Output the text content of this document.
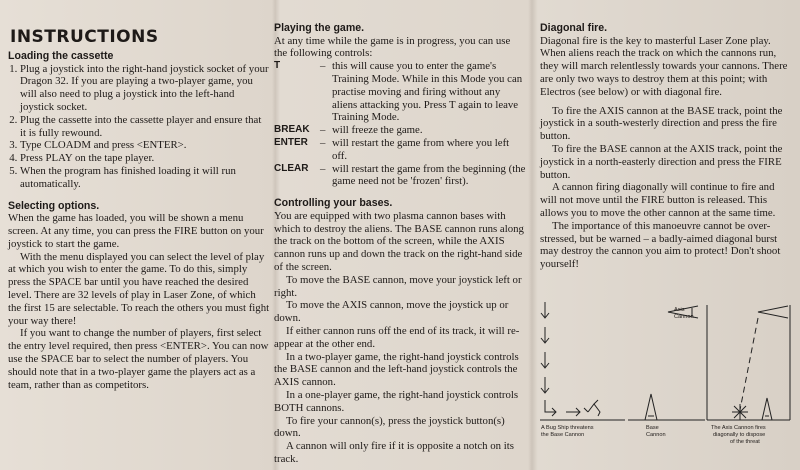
INSTRUCTIONS
Loading the cassette
1. Plug a joystick into the right-hand joystick socket of your Dragon 32. If you are playing a two-player game, you will also need to plug a joystick into the left-hand joystick socket.
2. Plug the cassette into the cassette player and ensure that it is fully rewound.
3. Type CLOADM and press <ENTER>.
4. Press PLAY on the tape player.
5. When the program has finished loading it will run automatically.
Selecting options.

When the game has loaded, you will be shown a menu screen. At any time, you can press the FIRE button on your joystick to start the game.

With the menu displayed you can select the level of play at which you wish to enter the game. To do this, simply press the SPACE bar until you have reached the desired level. There are 32 levels of play in Laser Zone, of which the first 15 are selectable. To reach the others you must fight your way there!

If you want to change the number of players, first select the entry level required, then press <ENTER>. You can now use the SPACE bar to select the number of players. You should note that in a two-player game the players act as a team, rather than as competitors.

Playing the game.

At any time while the game is in progress, you can use the following controls:

T	– this will cause you to enter the game's Training Mode. While in this Mode you can practise moving and firing without any aliens attacking you. Press T again to leave Training Mode.
BREAK – will freeze the game.
ENTER	– will restart the game from where you left off.
CLEAR	– will restart the game from the beginning (the game need not be 'frozen' first).
Controlling your bases.

You are equipped with two plasma cannon bases with which to destroy the aliens. The BASE cannon runs along the track on the bottom of the screen, while the AXIS cannon runs up and down the track on the right-hand side of the screen.

To move the BASE cannon, move your joystick left or right.

To move the AXIS cannon, move the joystick up or down.

If either cannon runs off the end of its track, it will re-appear at the other end.

In a two-player game, the right-hand joystick controls the BASE cannon and the left-hand joystick controls the AXIS cannon.

In a one-player game, the right-hand joystick controls BOTH cannons.

To fire your cannon(s), press the joystick button(s) down.

A cannon will only fire if it is opposite a notch on its track.

Diagonal fire.

Diagonal fire is the key to masterful Laser Zone play. When aliens reach the track on which the cannons run, they will march relentlessly towards your cannons. There are only two ways to destroy them at this point; with Electros (see below) or with diagonal fire.

To fire the AXIS cannon at the BASE track, point the joystick in a south-westerly direction and press the fire button.

To fire the BASE cannon at the AXIS track, point the joystick in a north-easterly direction and press the FIRE button.

A cannon firing diagonally will continue to fire and will not move until the FIRE button is released. This allows you to move the other cannon at the same time.

The importance of this manoeuvre cannot be over-stressed, but be warned – a badly-aimed diagonal burst may destroy the cannon you aim to protect! Don't shoot yourself!

Axis
Cannon
A Bug Ship threatens
the Base Cannon
Base
Cannon
The Axis Cannon fires
diagonally to dispose
of the threat
